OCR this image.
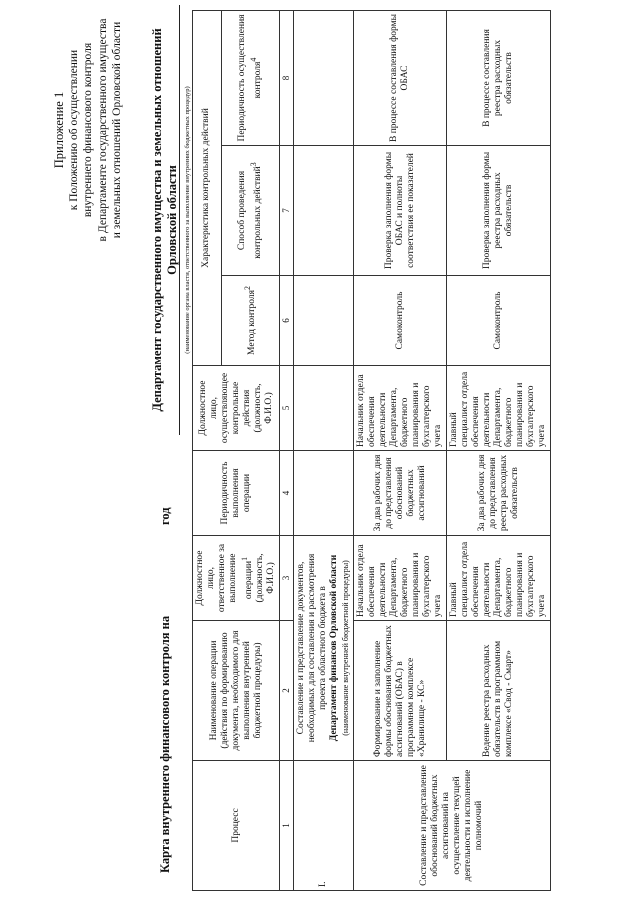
Приложение 1 к Положению об осуществлении внутреннего финансового контроля в Департаменте государственного имущества и земельных отношений Орловской области
Карта внутреннего финансового контроля на
год
Департамент государственного имущества и земельных отношений Орловской области (наименование органа власти, ответственного за выполнение внутренних бюджетных процедур)
Процесс	Наименование операции (действия по формированию документа, необходимого для выполнения внутренней бюджетной процедуры)	Должностное лицо, ответственное за выполнение операции$^1$ (должность, Ф.И.О.)	Периодичность выполнения операции	Должностное лицо, осуществляющее контрольные действия
(должность, Ф.И.О.)	Характеристика контрольных действий		
					Метод контроля$^2$	Способ проведения контрольных действий$^3$	Периодичность осуществления контроля$^4$
1	2	3	4	5	6	7	8
I.	Составление и представление документов, необходимых для составления и рассмотрения проекта областного бюджета в Департамент финансов Орловской области (наименование внутренней бюджетной процедуры)						

Составление и представление обоснований бюджетных ассигнований на осуществление текущей деятельности и исполнение полномочий	Формирование и заполнение формы обоснования бюджетных ассигнований (ОБАС) в программном комплексе «Хранилище - КС»	Начальник отдела обеспечения деятельности Департамента, бюджетного планирования и бухгалтерского учета	За два рабочих дня до представления обоснований бюджетных ассигнований	Начальник отдела обеспечения деятельности Департамента, бюджетного планирования и бухгалтерского учета	Самоконтроль	Проверка заполнения формы ОБАС и полноты соответствия ее показателей	В процессе составления формы ОБАС
	Ведение реестра расходных обязательств в программном комплексе «Свод - Смарт»	Главный специалист отдела обеспечения деятельности Департамента, бюджетного планирования и бухгалтерского учета	За два рабочих дня до представления реестра расходных обязательств	Главный специалист отдела обеспечения деятельности Департамента, бюджетного планирования и бухгалтерского учета	Самоконтроль	Проверка заполнения формы реестра расходных обязательств	В процессе составления реестра расходных обязательств
